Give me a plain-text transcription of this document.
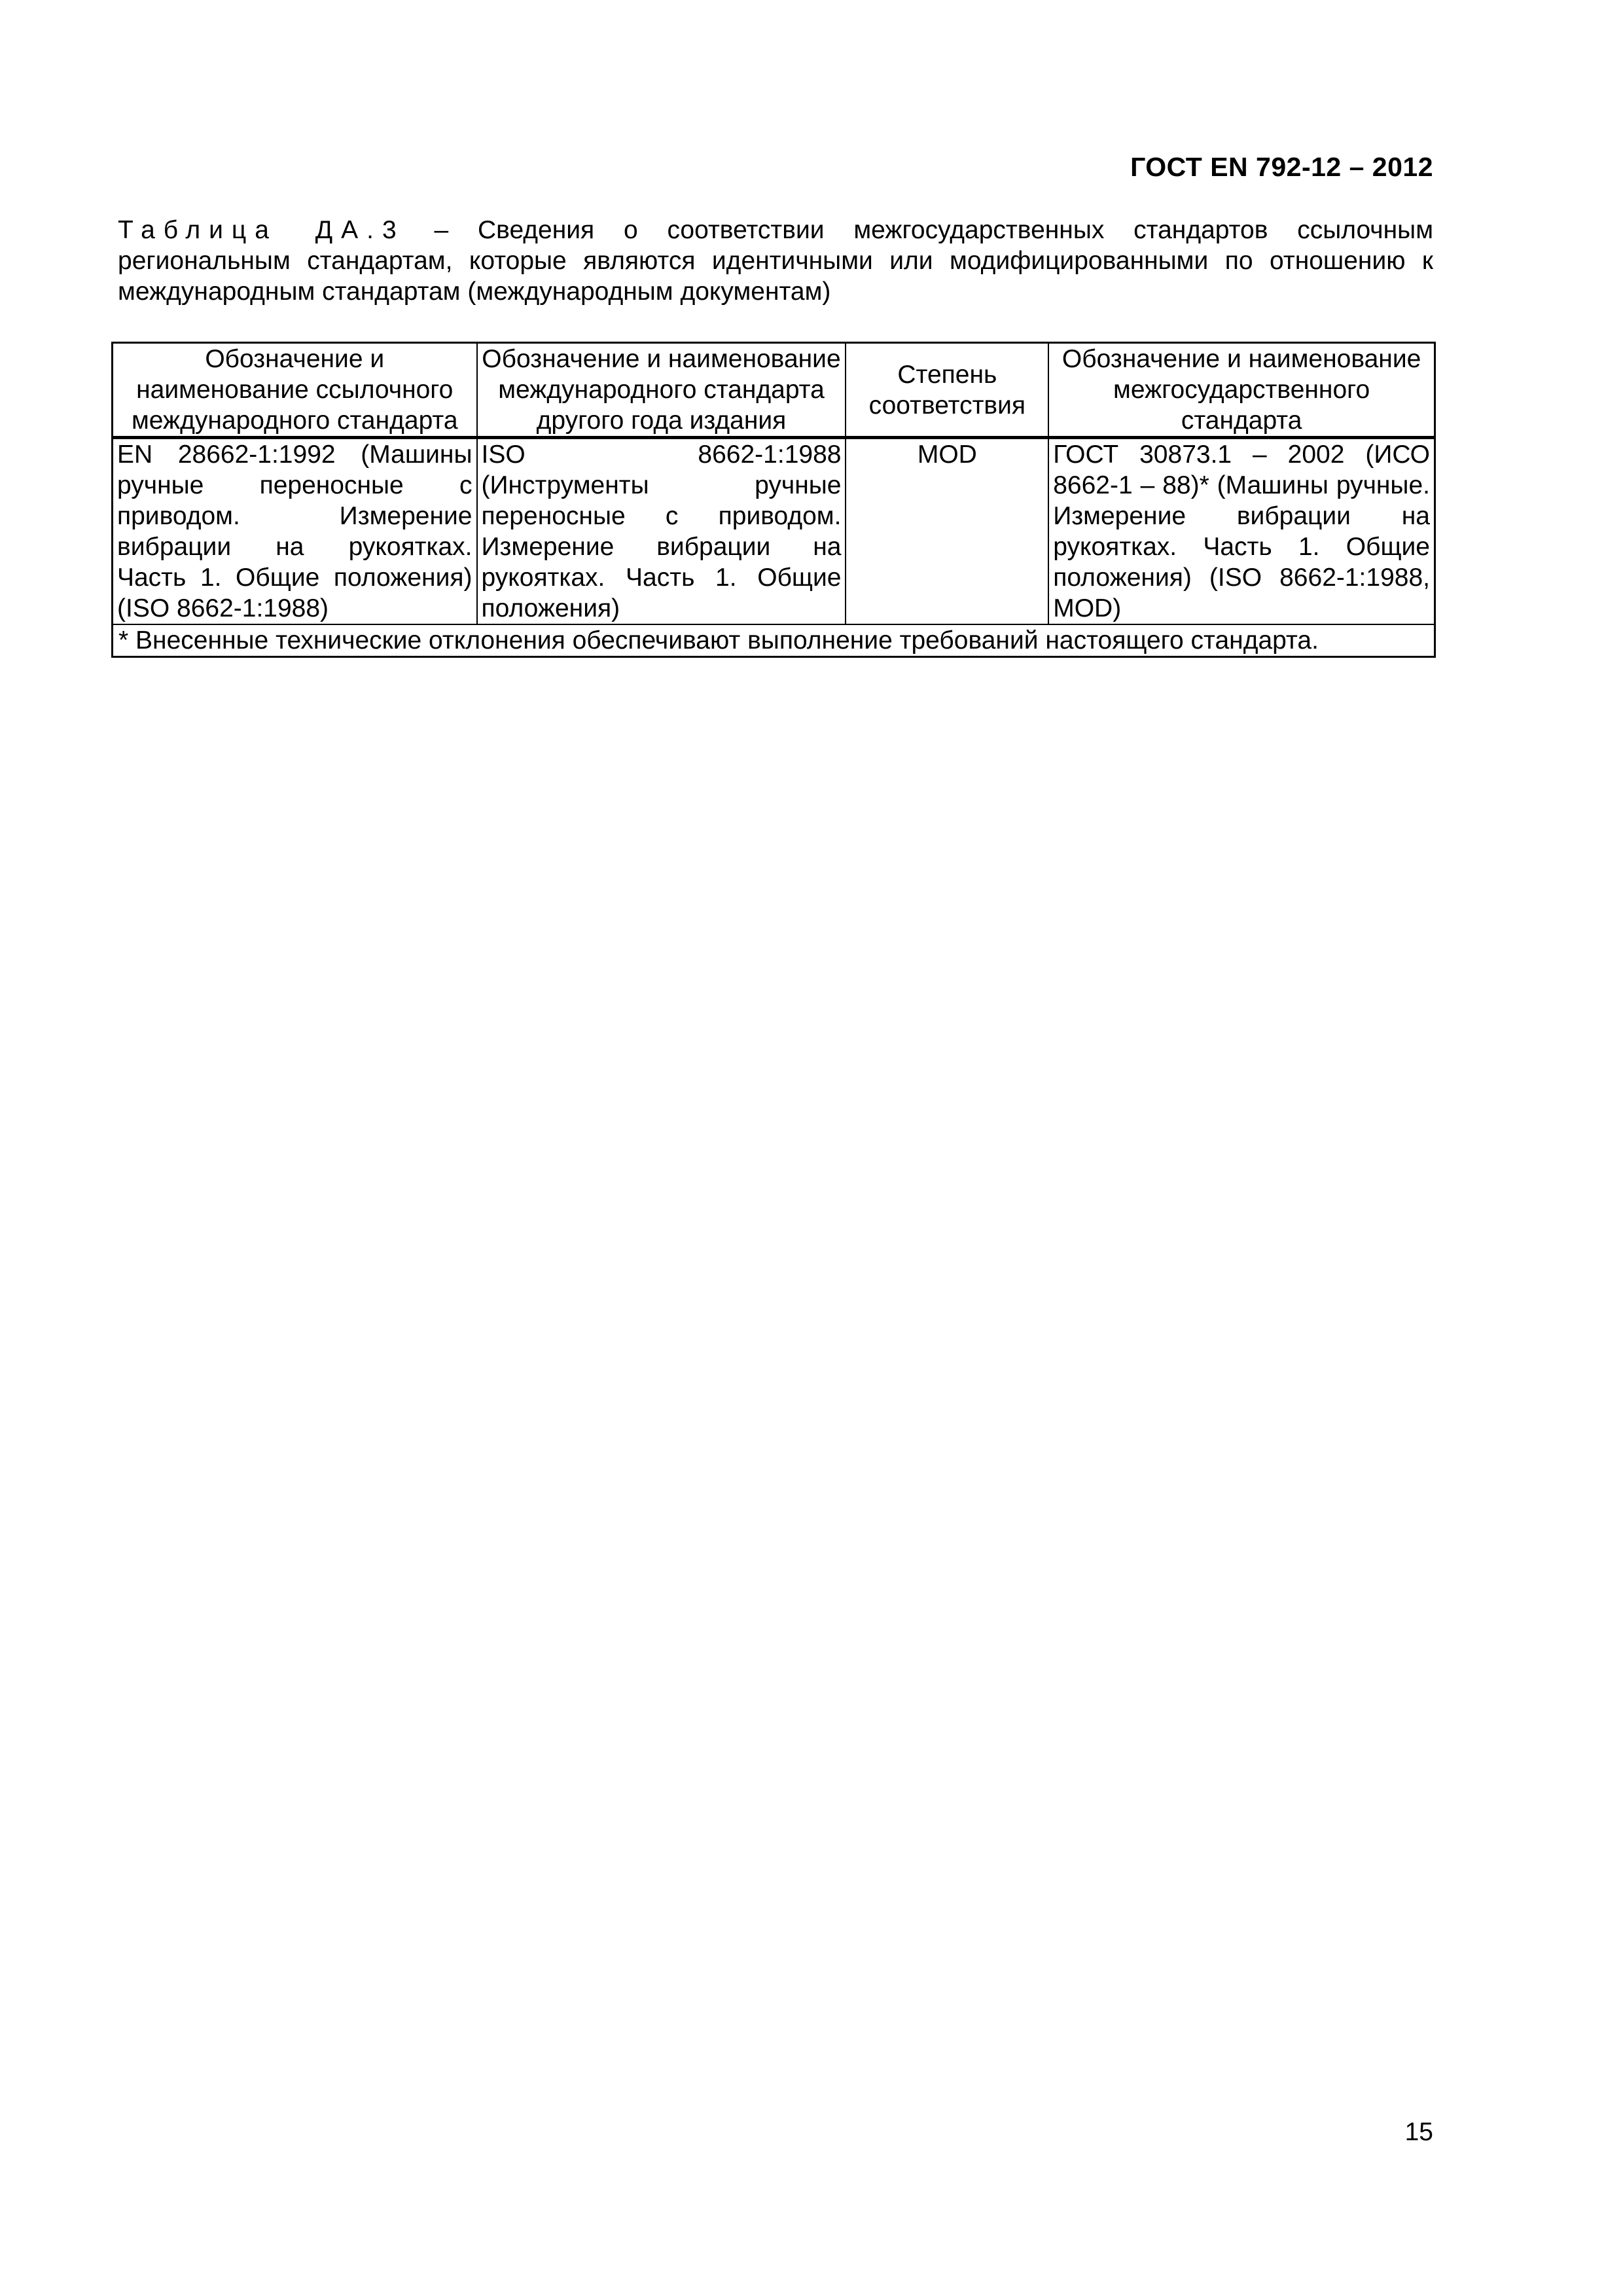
ГОСТ EN 792-12 – 2012
Таблица ДА.3 – Сведения о соответствии межгосударственных стандартов ссылочным региональным стандартам, которые являются идентичными или модифицированными по отношению к международным стандартам (международным документам)
Обозначение и наименование ссылочного международного стандарта	Обозначение и наименование международного стандарта другого года издания	Степень соответствия	Обозначение и наименование межгосударственного стандарта
EN 28662-1:1992 (Машины ручные переносные с приводом. Измерение вибрации на рукоятках. Часть 1. Общие положения) (ISO 8662-1:1988)	ISO 8662-1:1988 (Инструменты ручные переносные с приводом. Измерение вибрации на рукоятках. Часть 1. Общие положения)	MOD	ГОСТ 30873.1 – 2002 (ИСО 8662-1 – 88)* (Машины ручные. Измерение вибрации на рукоятках. Часть 1. Общие положения) (ISO 8662-1:1988, MOD)
* Внесенные технические отклонения обеспечивают выполнение требований настоящего стандарта.			
15
